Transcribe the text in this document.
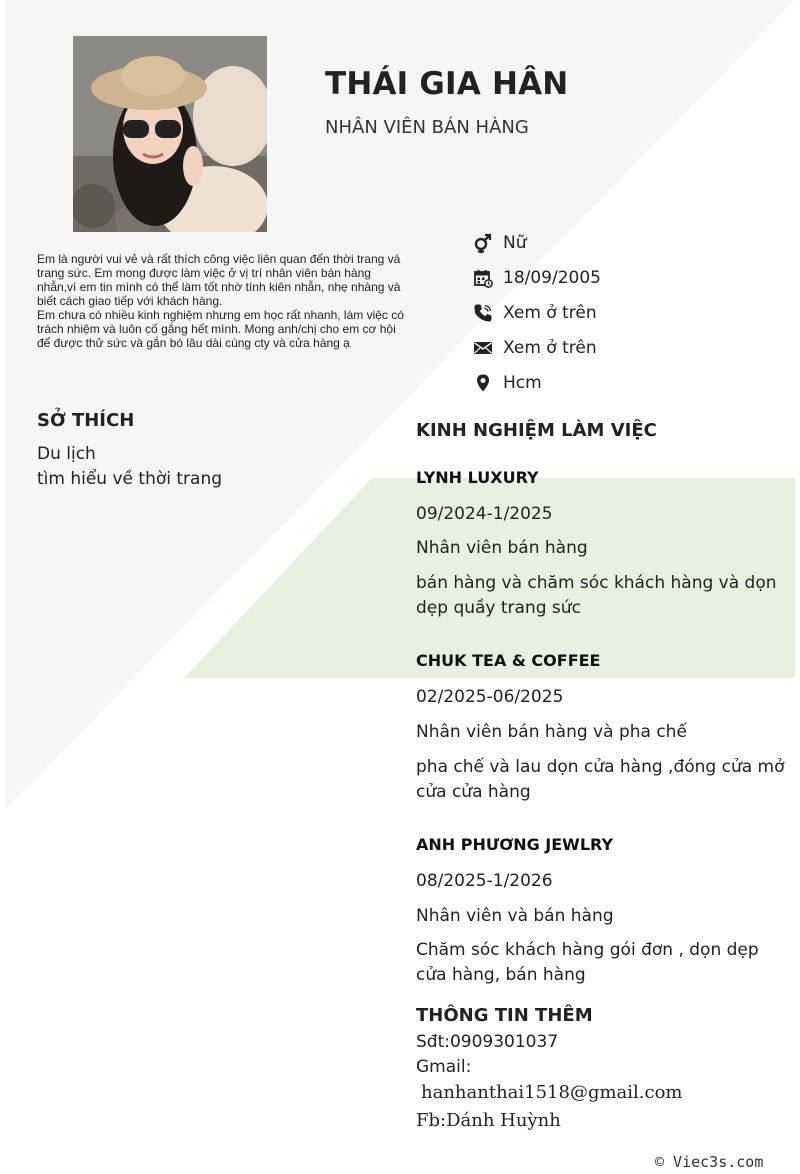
THÁI GIA HÂN
NHÂN VIÊN BÁN HÀNG

Em là người vui vẻ và rất thích công việc liên quan đến thời trang và trang sức. Em mong được làm việc ở vị trí nhân viên bán hàng nhẫn,vì em tin mình có thể làm tốt nhờ tính kiên nhẫn, nhẹ nhàng và biết cách giao tiếp với khách hàng.

Em chưa có nhiều kinh nghiệm nhưng em học rất nhanh, làm việc có trách nhiệm và luôn cố gắng hết mình. Mong anh/chị cho em cơ hội để được thử sức và gắn bó lâu dài cùng cty và cửa hàng ạ

Nữ
18/09/2005
Xem ở trên
Xem ở trên
Hcm
SỞ THÍCH
Du lịch
tìm hiểu về thời trang
KINH NGHIỆM LÀM VIỆC
LYNH LUXURY
09/2024-1/2025
Nhân viên bán hàng
bán hàng và chăm sóc khách hàng và dọn dẹp quầy trang sức
CHUK TEA & COFFEE
02/2025-06/2025
Nhân viên bán hàng và pha chế
pha chế và lau dọn cửa hàng ,đóng cửa mở cửa cửa hàng
ANH PHƯƠNG JEWLRY
08/2025-1/2026
Nhân viên và bán hàng
Chăm sóc khách hàng gói đơn , dọn dẹp cửa hàng, bán hàng
THÔNG TIN THÊM
Sđt:0909301037
Gmail:
hanhanthai1518@gmail.com
Fb:Dánh Huỳnh
© Viec3s.com
